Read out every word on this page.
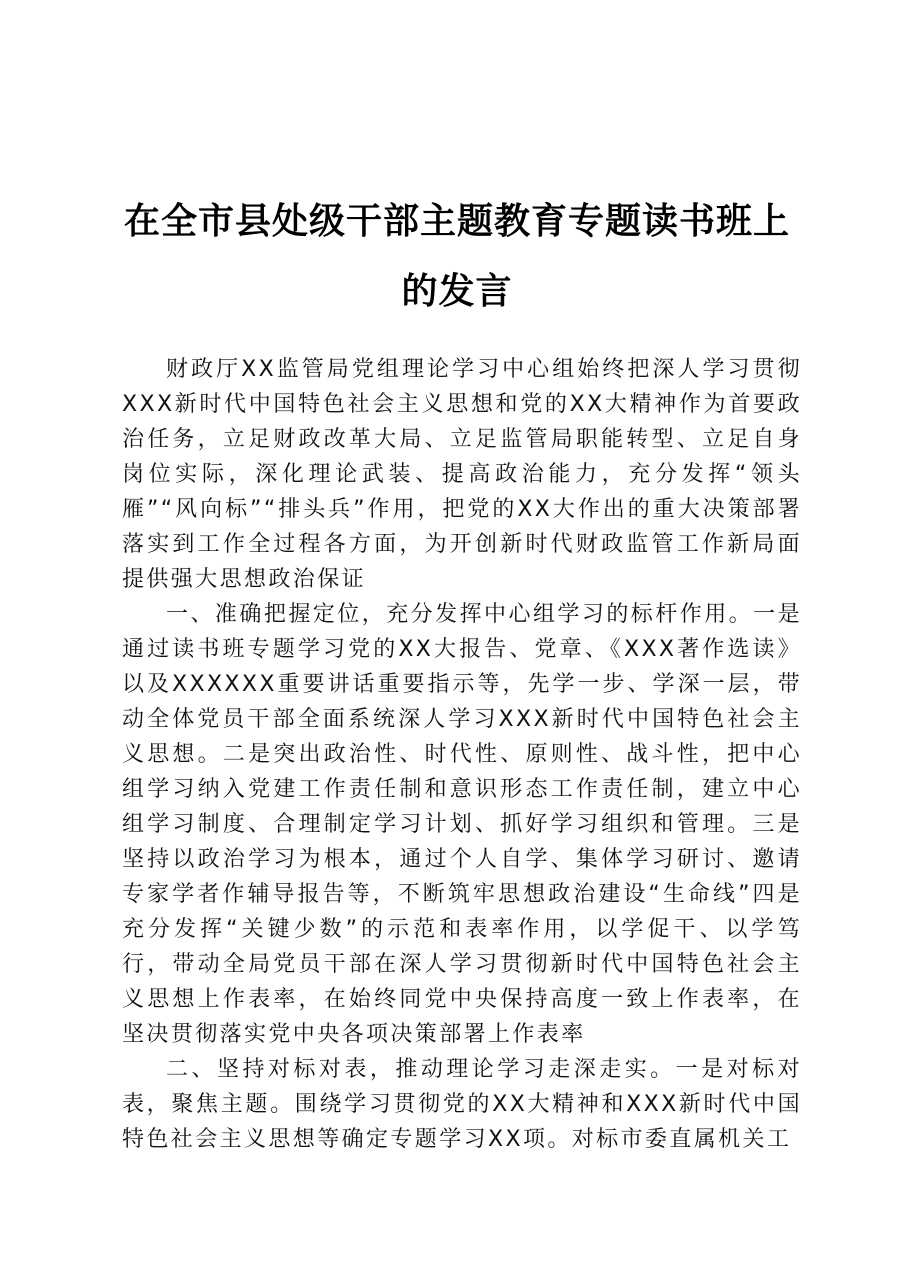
在全市县处级干部主题教育专题读书班上的发言

财政厅XX监管局党组理论学习中心组始终把深人学习贯彻XXX新时代中国特色社会主义思想和党的XX大精神作为首要政治任务，立足财政改革大局、立足监管局职能转型、立足自身岗位实际，深化理论武装、提高政治能力，充分发挥“领头雁”“风向标”“排头兵”作用，把党的XX大作出的重大决策部署落实到工作全过程各方面，为开创新时代财政监管工作新局面提供强大思想政治保证

一、准确把握定位，充分发挥中心组学习的标杆作用。一是通过读书班专题学习党的XX大报告、党章、《XXX著作选读》以及XXXXXX重要讲话重要指示等，先学一步、学深一层，带动全体党员干部全面系统深人学习XXX新时代中国特色社会主义思想。二是突出政治性、时代性、原则性、战斗性，把中心组学习纳入党建工作责任制和意识形态工作责任制，建立中心组学习制度、合理制定学习计划、抓好学习组织和管理。三是坚持以政治学习为根本，通过个人自学、集体学习研讨、邀请专家学者作辅导报告等，不断筑牢思想政治建设“生命线”四是充分发挥“关键少数”的示范和表率作用，以学促干、以学笃行，带动全局党员干部在深人学习贯彻新时代中国特色社会主义思想上作表率，在始终同党中央保持高度一致上作表率，在坚决贯彻落实党中央各项决策部署上作表率

二、坚持对标对表，推动理论学习走深走实。一是对标对表，聚焦主题。围绕学习贯彻党的XX大精神和XXX新时代中国特色社会主义思想等确定专题学习XX项。对标市委直属机关工
